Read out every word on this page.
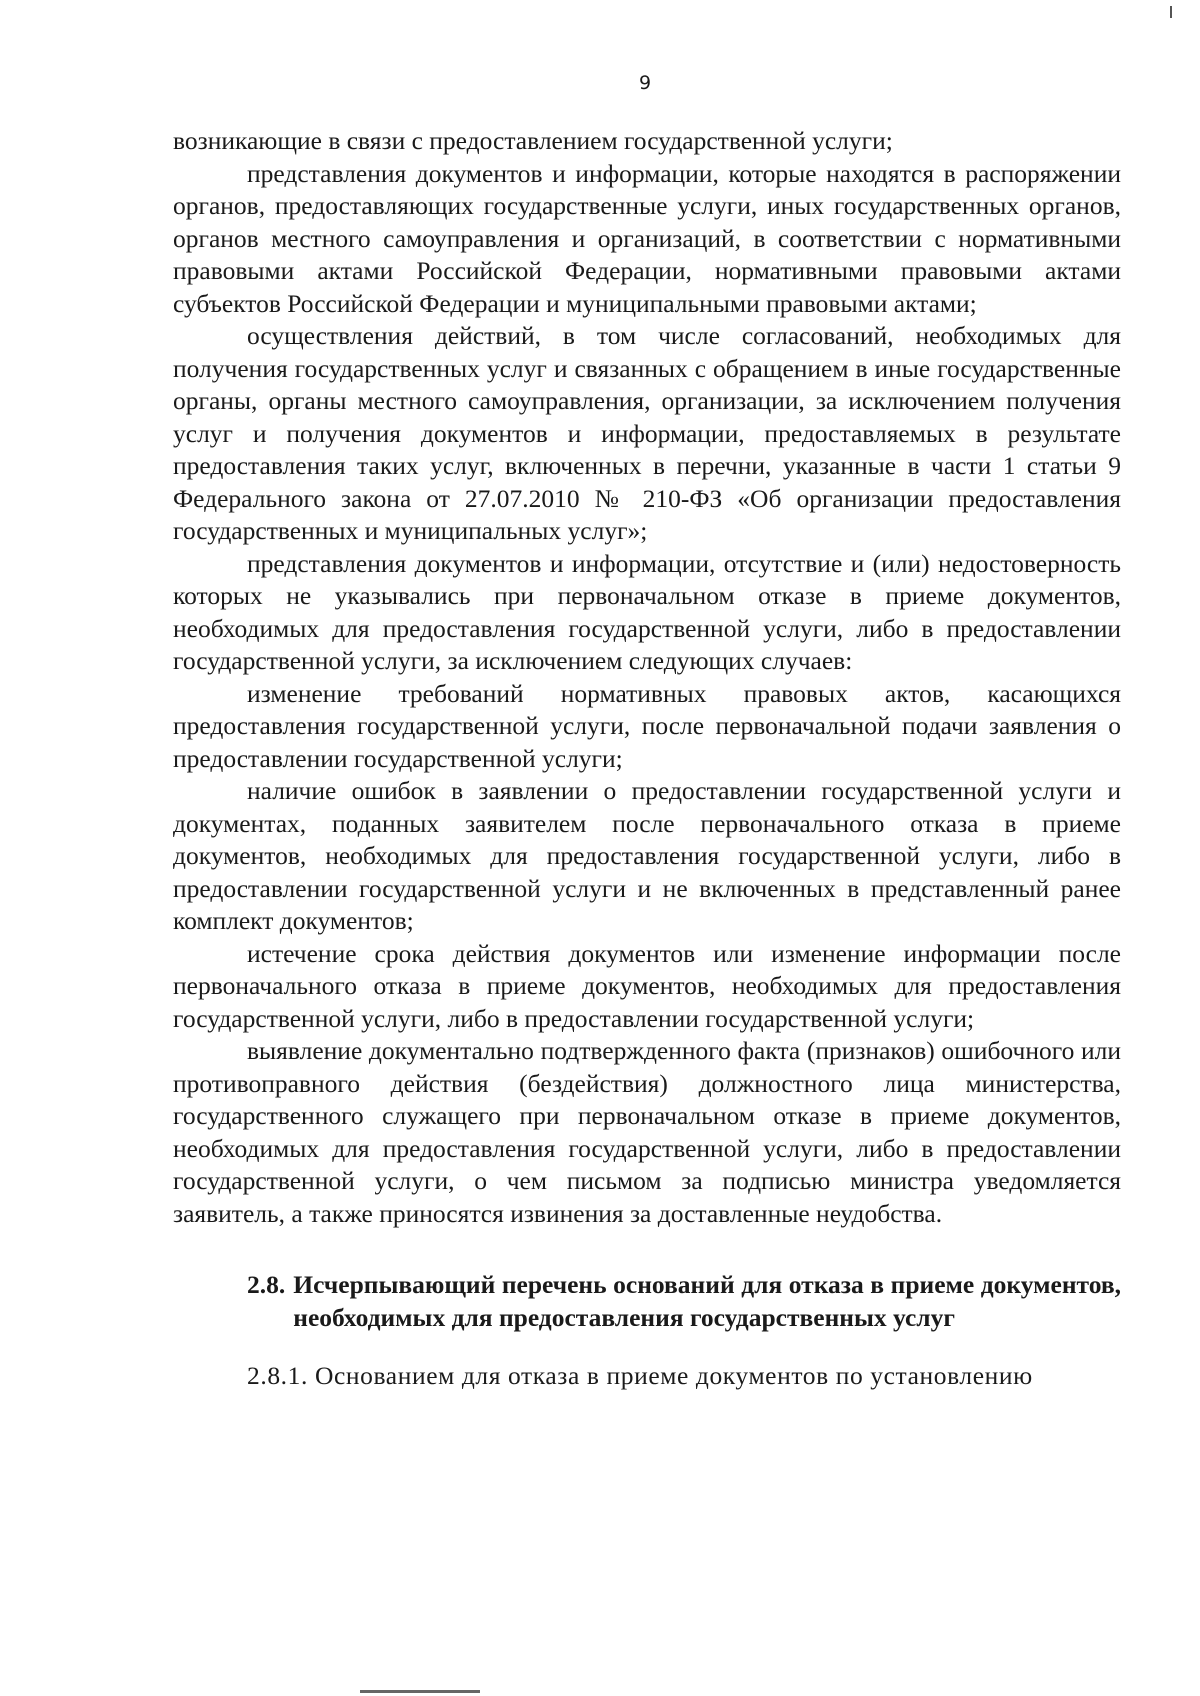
9

возникающие в связи с предоставлением государственной услуги;

представления документов и информации, которые находятся в распоряжении органов, предоставляющих государственные услуги, иных государственных органов, органов местного самоуправления и организаций, в соответствии с нормативными правовыми актами Российской Федерации, нормативными правовыми актами субъектов Российской Федерации и муниципальными правовыми актами;

осуществления действий, в том числе согласований, необходимых для получения государственных услуг и связанных с обращением в иные государственные органы, органы местного самоуправления, организации, за исключением получения услуг и получения документов и информации, предоставляемых в результате предоставления таких услуг, включенных в перечни, указанные в части 1 статьи 9 Федерального закона от 27.07.2010 № 210-ФЗ «Об организации предоставления государственных и муниципальных услуг»;

представления документов и информации, отсутствие и (или) недостоверность которых не указывались при первоначальном отказе в приеме документов, необходимых для предоставления государственной услуги, либо в предоставлении государственной услуги, за исключением следующих случаев:

изменение требований нормативных правовых актов, касающихся предоставления государственной услуги, после первоначальной подачи заявления о предоставлении государственной услуги;

наличие ошибок в заявлении о предоставлении государственной услуги и документах, поданных заявителем после первоначального отказа в приеме документов, необходимых для предоставления государственной услуги, либо в предоставлении государственной услуги и не включенных в представленный ранее комплект документов;

истечение срока действия документов или изменение информации после первоначального отказа в приеме документов, необходимых для предоставления государственной услуги, либо в предоставлении государственной услуги;

выявление документально подтвержденного факта (признаков) ошибочного или противоправного действия (бездействия) должностного лица министерства, государственного служащего при первоначальном отказе в приеме документов, необходимых для предоставления государственной услуги, либо в предоставлении государственной услуги, о чем письмом за подписью министра уведомляется заявитель, а также приносятся извинения за доставленные неудобства.

2.8. Исчерпывающий перечень оснований для отказа в приеме документов, необходимых для предоставления государственных услуг

2.8.1. Основанием для отказа в приеме документов по установлению
